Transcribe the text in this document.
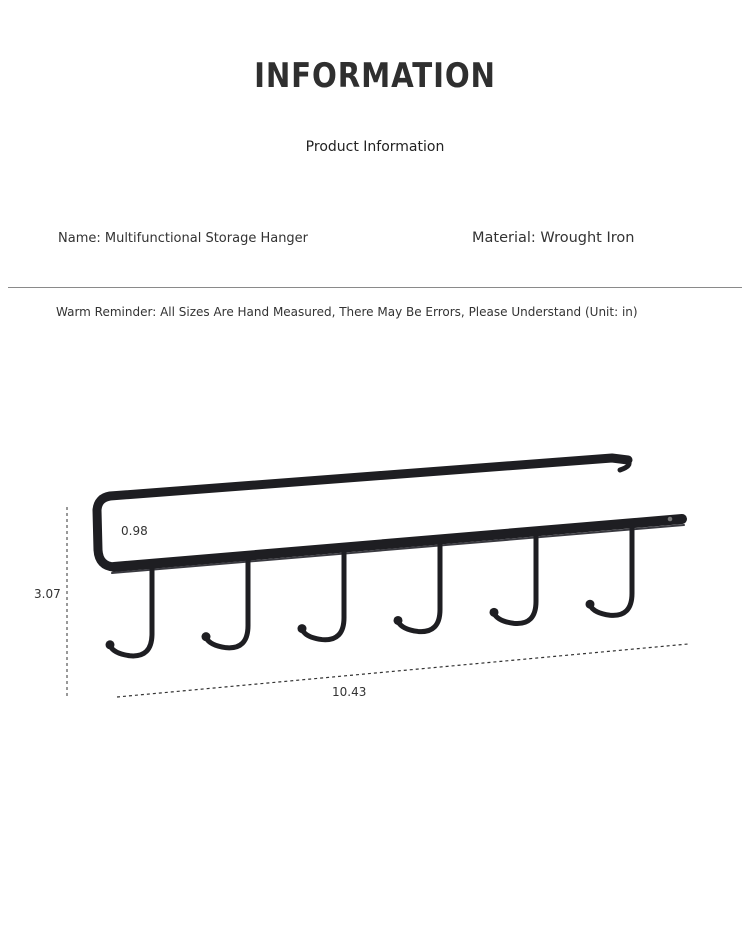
INFORMATION
Product Information
Name: Multifunctional Storage Hanger	Material: Wrought Iron
Warm Reminder: All Sizes Are Hand Measured, There May Be Errors, Please Understand (Unit: in)
0.98
3.07
10.43
